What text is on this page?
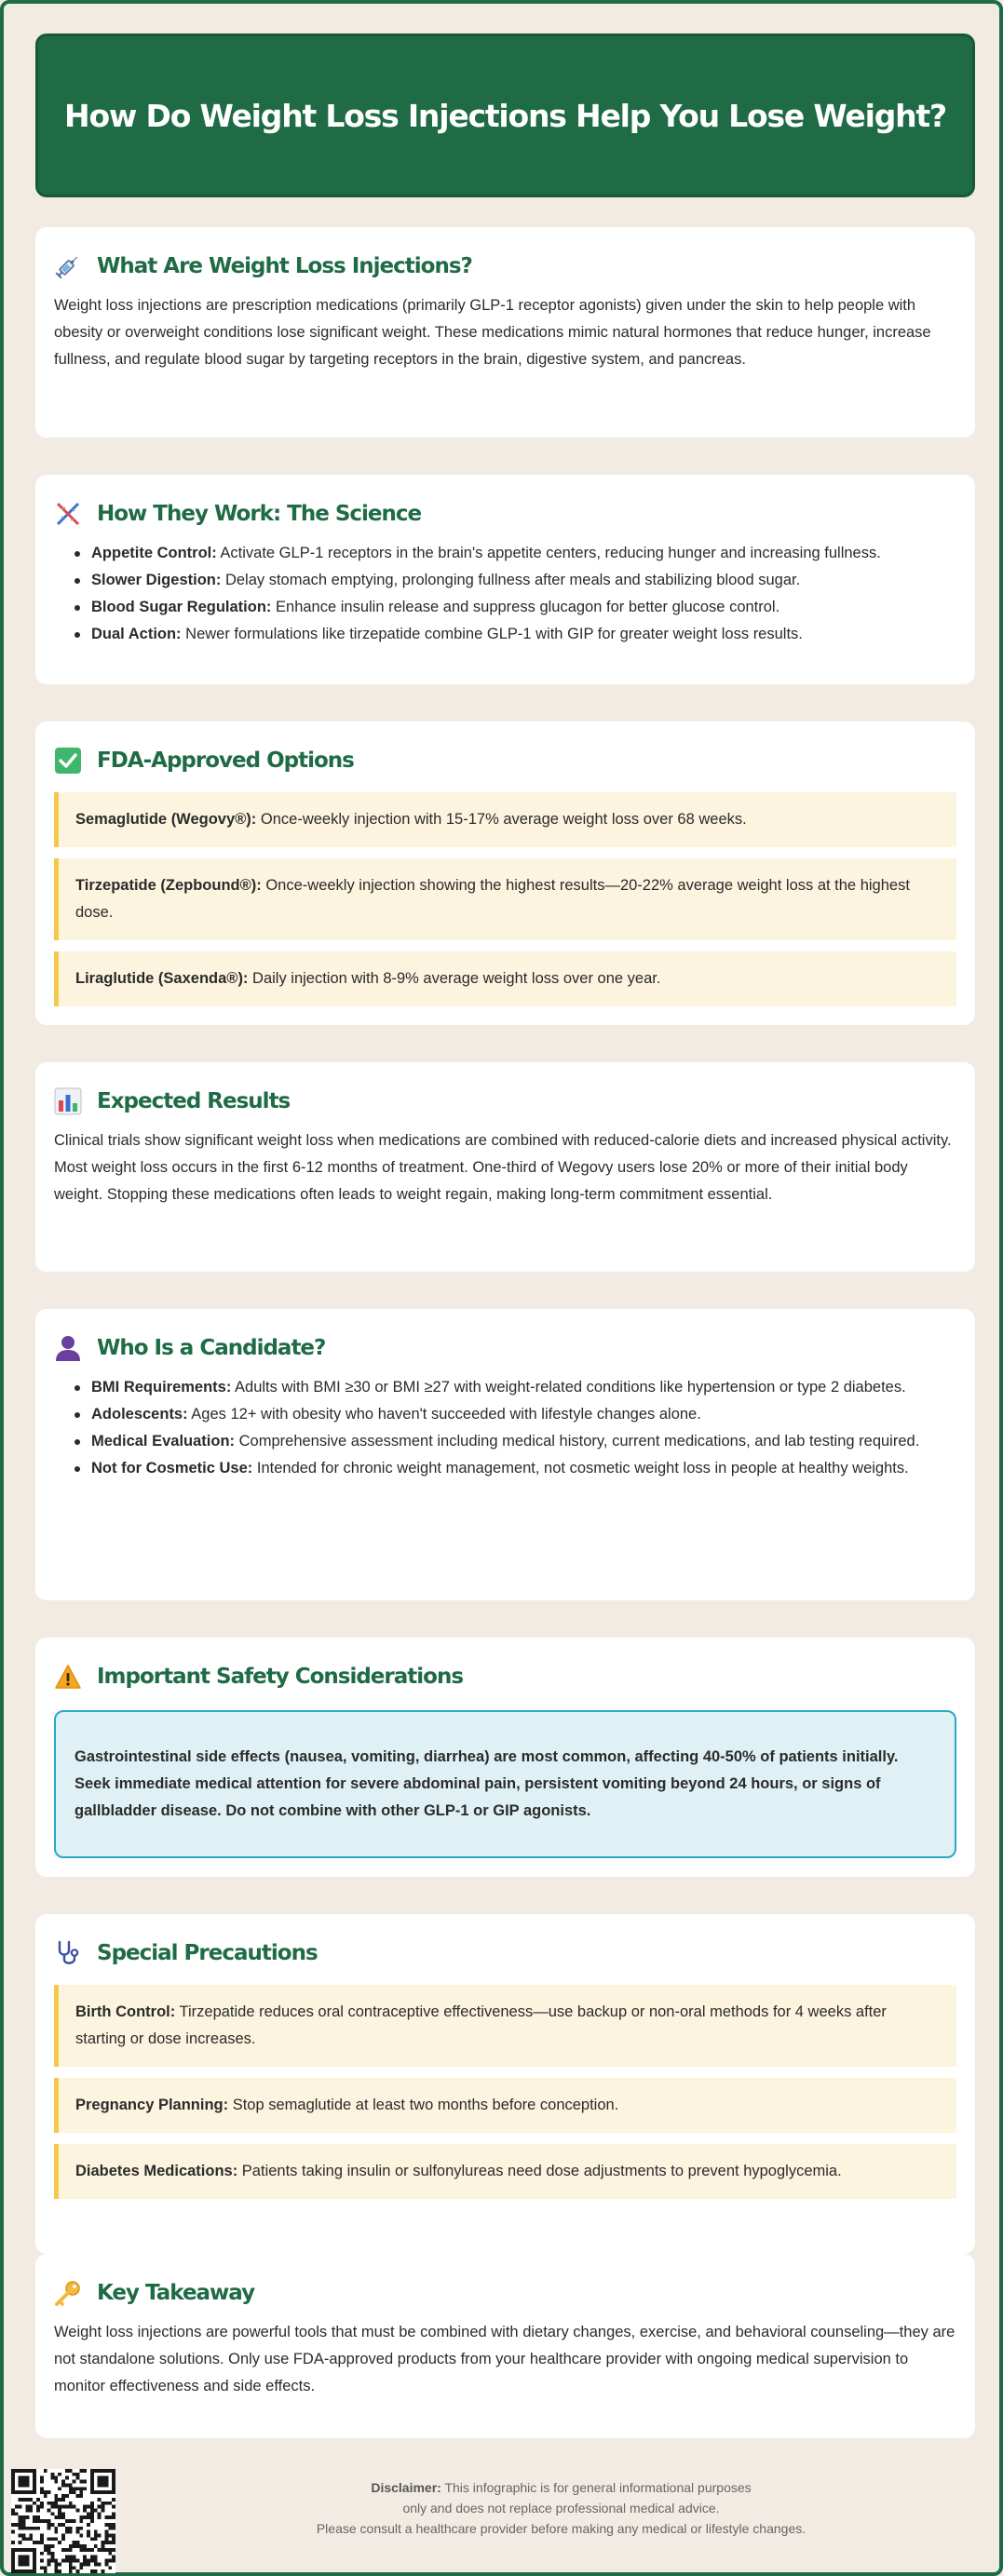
How Do Weight Loss Injections Help You Lose Weight?
What Are Weight Loss Injections?

Weight loss injections are prescription medications (primarily GLP-1 receptor agonists) given under the skin to help people with obesity or overweight conditions lose significant weight. These medications mimic natural hormones that reduce hunger, increase fullness, and regulate blood sugar by targeting receptors in the brain, digestive system, and pancreas.

How They Work: The Science
Appetite Control: Activate GLP-1 receptors in the brain's appetite centers, reducing hunger and increasing fullness.
Slower Digestion: Delay stomach emptying, prolonging fullness after meals and stabilizing blood sugar.
Blood Sugar Regulation: Enhance insulin release and suppress glucagon for better glucose control.
Dual Action: Newer formulations like tirzepatide combine GLP-1 with GIP for greater weight loss results.
FDA-Approved Options
Semaglutide (Wegovy®): Once-weekly injection with 15-17% average weight loss over 68 weeks.
Tirzepatide (Zepbound®): Once-weekly injection showing the highest results—20-22% average weight loss at the highest dose.
Liraglutide (Saxenda®): Daily injection with 8-9% average weight loss over one year.
Expected Results

Clinical trials show significant weight loss when medications are combined with reduced-calorie diets and increased physical activity. Most weight loss occurs in the first 6-12 months of treatment. One-third of Wegovy users lose 20% or more of their initial body weight. Stopping these medications often leads to weight regain, making long-term commitment essential.

Who Is a Candidate?
BMI Requirements: Adults with BMI ≥30 or BMI ≥27 with weight-related conditions like hypertension or type 2 diabetes.
Adolescents: Ages 12+ with obesity who haven't succeeded with lifestyle changes alone.
Medical Evaluation: Comprehensive assessment including medical history, current medications, and lab testing required.
Not for Cosmetic Use: Intended for chronic weight management, not cosmetic weight loss in people at healthy weights.
Important Safety Considerations
Gastrointestinal side effects (nausea, vomiting, diarrhea) are most common, affecting 40-50% of patients initially. Seek immediate medical attention for severe abdominal pain, persistent vomiting beyond 24 hours, or signs of gallbladder disease. Do not combine with other GLP-1 or GIP agonists.
Special Precautions
Birth Control: Tirzepatide reduces oral contraceptive effectiveness—use backup or non-oral methods for 4 weeks after starting or dose increases.
Pregnancy Planning: Stop semaglutide at least two months before conception.
Diabetes Medications: Patients taking insulin or sulfonylureas need dose adjustments to prevent hypoglycemia.
Key Takeaway

Weight loss injections are powerful tools that must be combined with dietary changes, exercise, and behavioral counseling—they are not standalone solutions. Only use FDA-approved products from your healthcare provider with ongoing medical supervision to monitor effectiveness and side effects.

Disclaimer: This infographic is for general informational purposes
only and does not replace professional medical advice.
Please consult a healthcare provider before making any medical or lifestyle changes.
